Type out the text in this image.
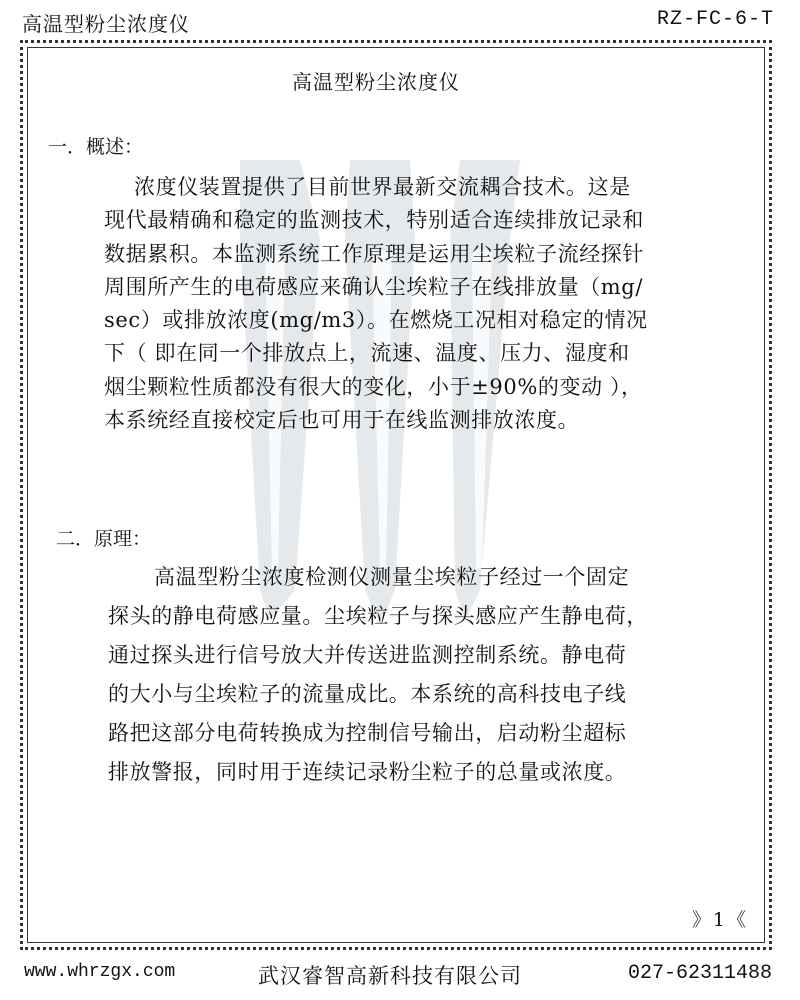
高温型粉尘浓度仪	RZ-FC-6-T
高温型粉尘浓度仪
一．概述：

浓度仪装置提供了目前世界最新交流耦合技术。这是

现代最精确和稳定的监测技术，特别适合连续排放记录和

数据累积。本监测系统工作原理是运用尘埃粒子流经探针

周围所产生的电荷感应来确认尘埃粒子在线排放量（mg/

sec）或排放浓度(mg/m3）。在燃烧工况相对稳定的情况

下（ 即在同一个排放点上，流速、温度、压力、湿度和

烟尘颗粒性质都没有很大的变化，小于±90%的变动 ），

本系统经直接校定后也可用于在线监测排放浓度。

二．原理：

高温型粉尘浓度检测仪测量尘埃粒子经过一个固定

探头的静电荷感应量。尘埃粒子与探头感应产生静电荷，

通过探头进行信号放大并传送进监测控制系统。静电荷

的大小与尘埃粒子的流量成比。本系统的高科技电子线

路把这部分电荷转换成为控制信号输出，启动粉尘超标

排放警报，同时用于连续记录粉尘粒子的总量或浓度。

》1《
www.whrzgx.com	武汉睿智高新科技有限公司	027-62311488
